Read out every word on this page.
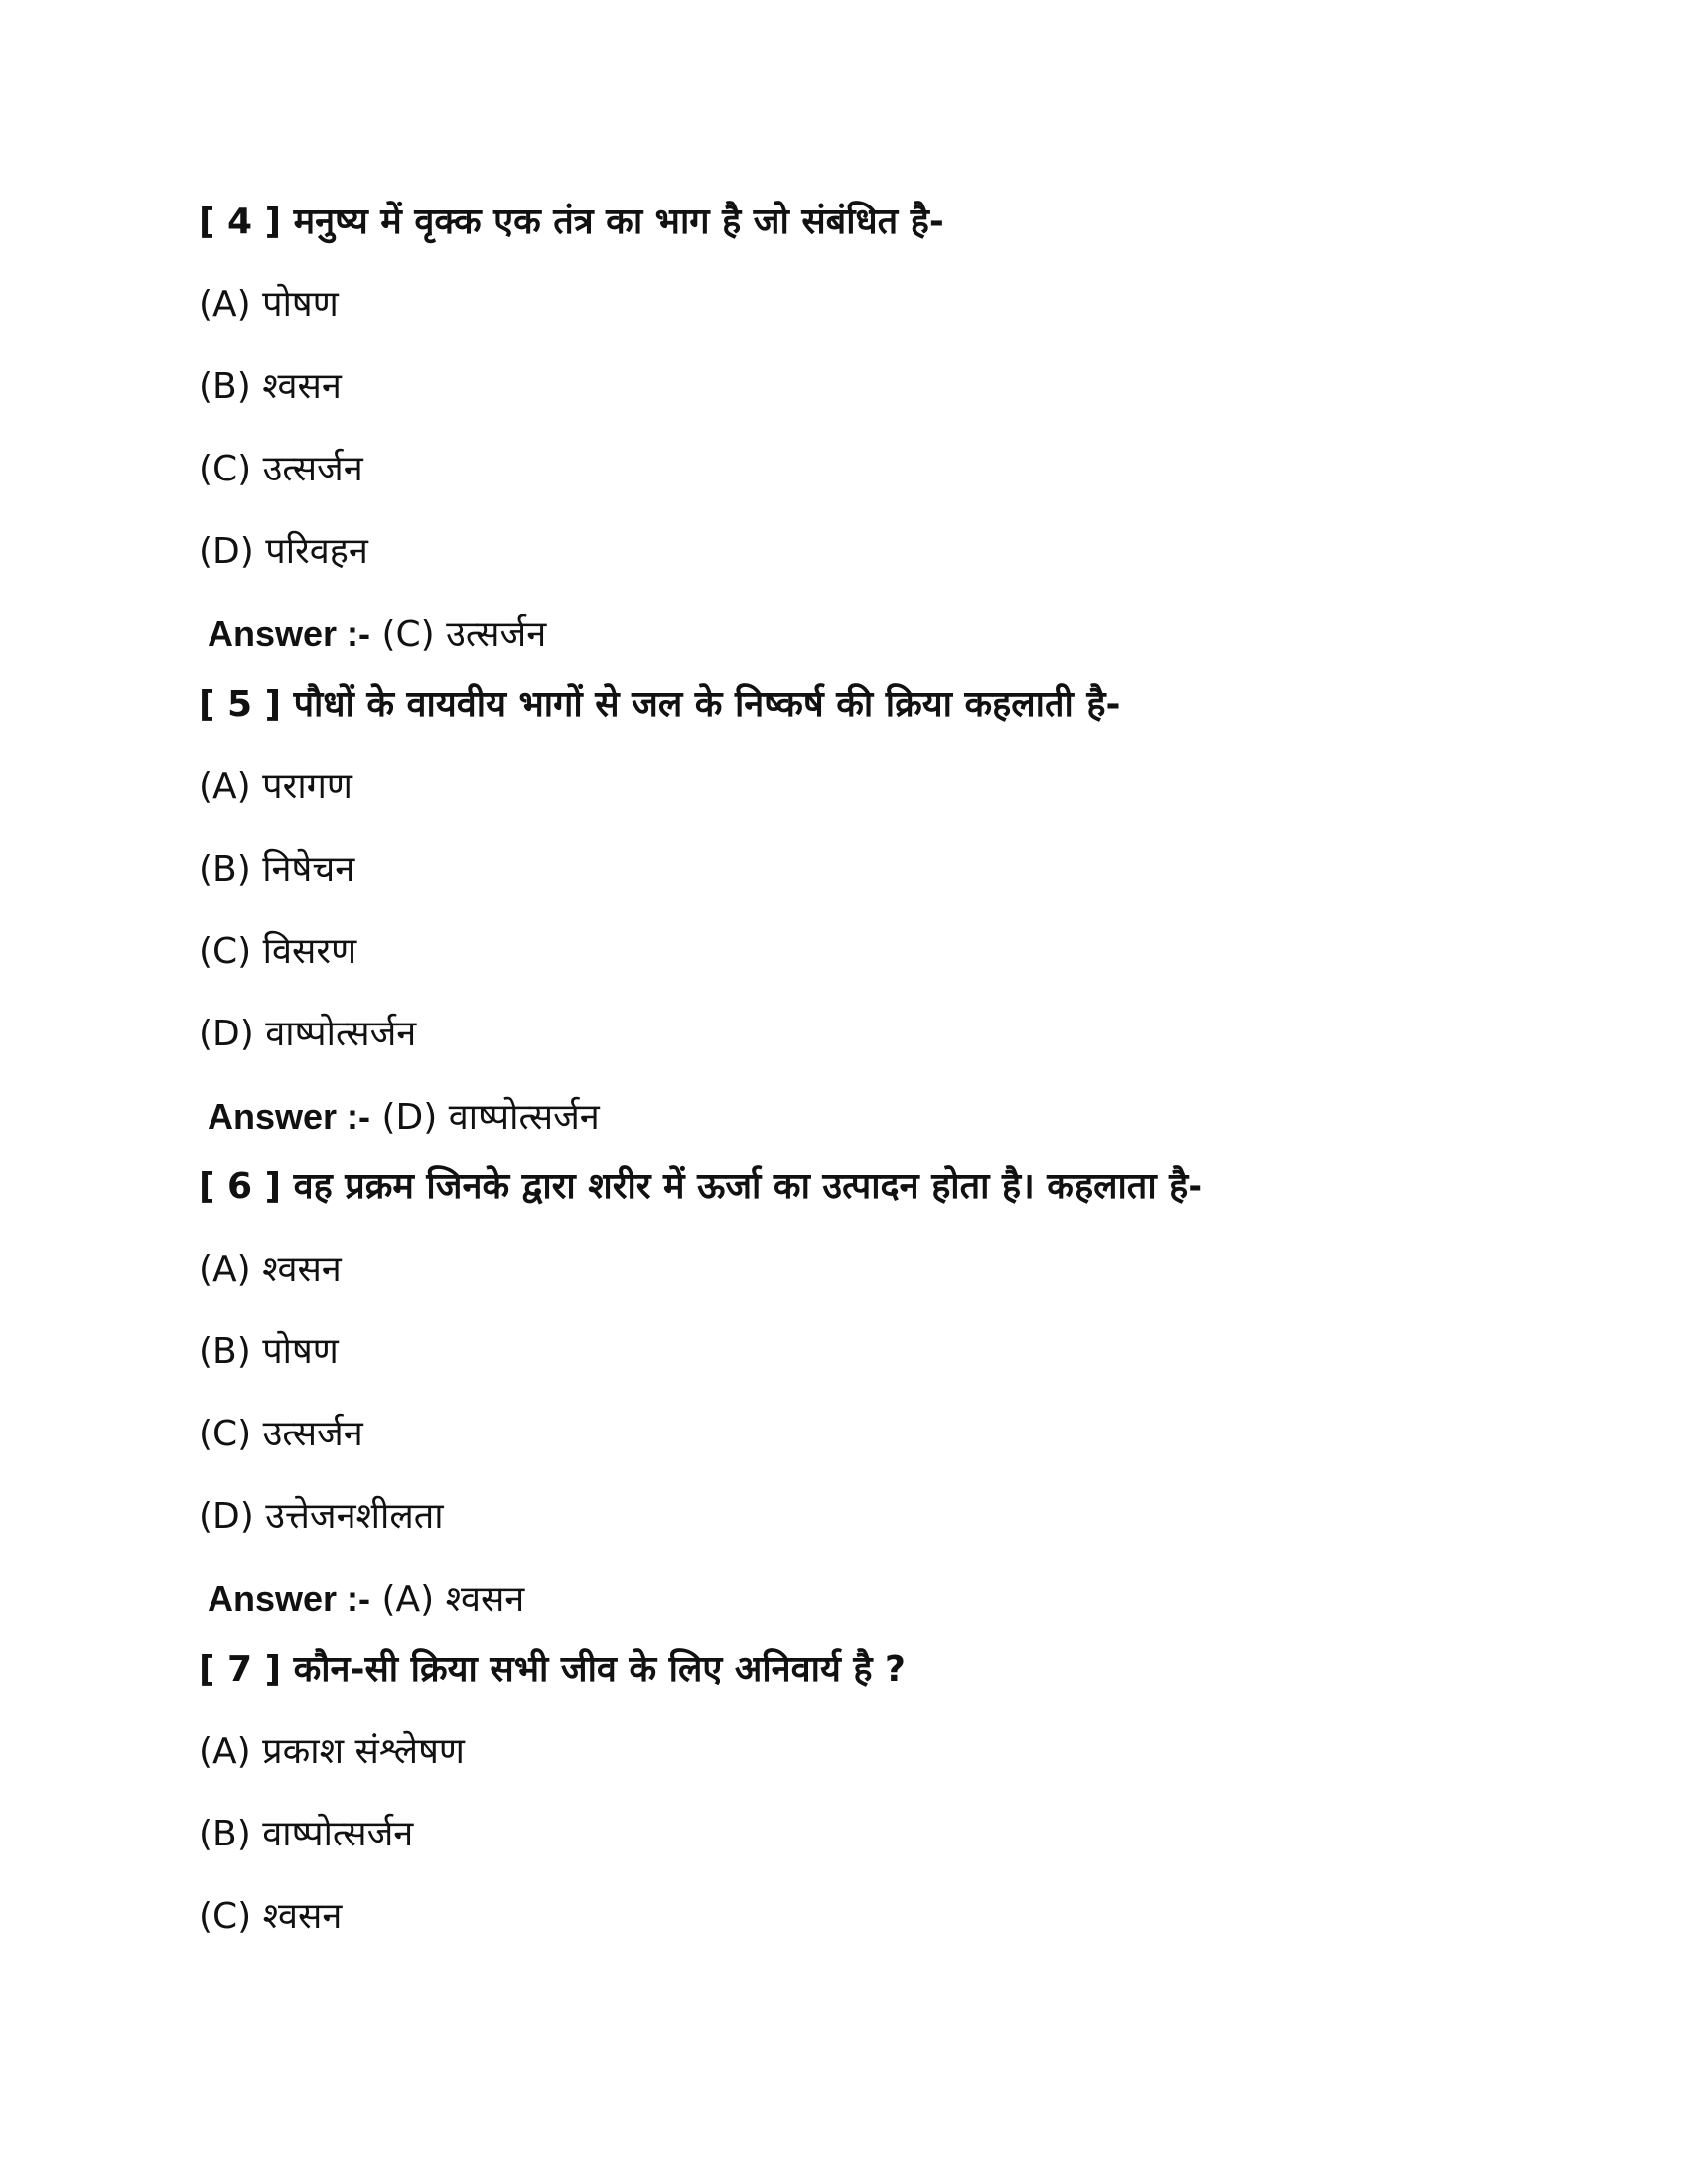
[ 4 ] मनुष्य में वृक्क एक तंत्र का भाग है जो संबंधित है-
(A) पोषण
(B) श्वसन
(C) उत्सर्जन
(D) परिवहन
Answer :- (C) उत्सर्जन
[ 5 ] पौधों के वायवीय भागों से जल के निष्कर्ष की क्रिया कहलाती है-
(A) परागण
(B) निषेचन
(C) विसरण
(D) वाष्पोत्सर्जन
Answer :- (D) वाष्पोत्सर्जन
[ 6 ] वह प्रक्रम जिनके द्वारा शरीर में ऊर्जा का उत्पादन होता है। कहलाता है-
(A) श्वसन
(B) पोषण
(C) उत्सर्जन
(D) उत्तेजनशीलता
Answer :- (A) श्वसन
[ 7 ] कौन-सी क्रिया सभी जीव के लिए अनिवार्य है ?
(A) प्रकाश संश्लेषण
(B) वाष्पोत्सर्जन
(C) श्वसन
